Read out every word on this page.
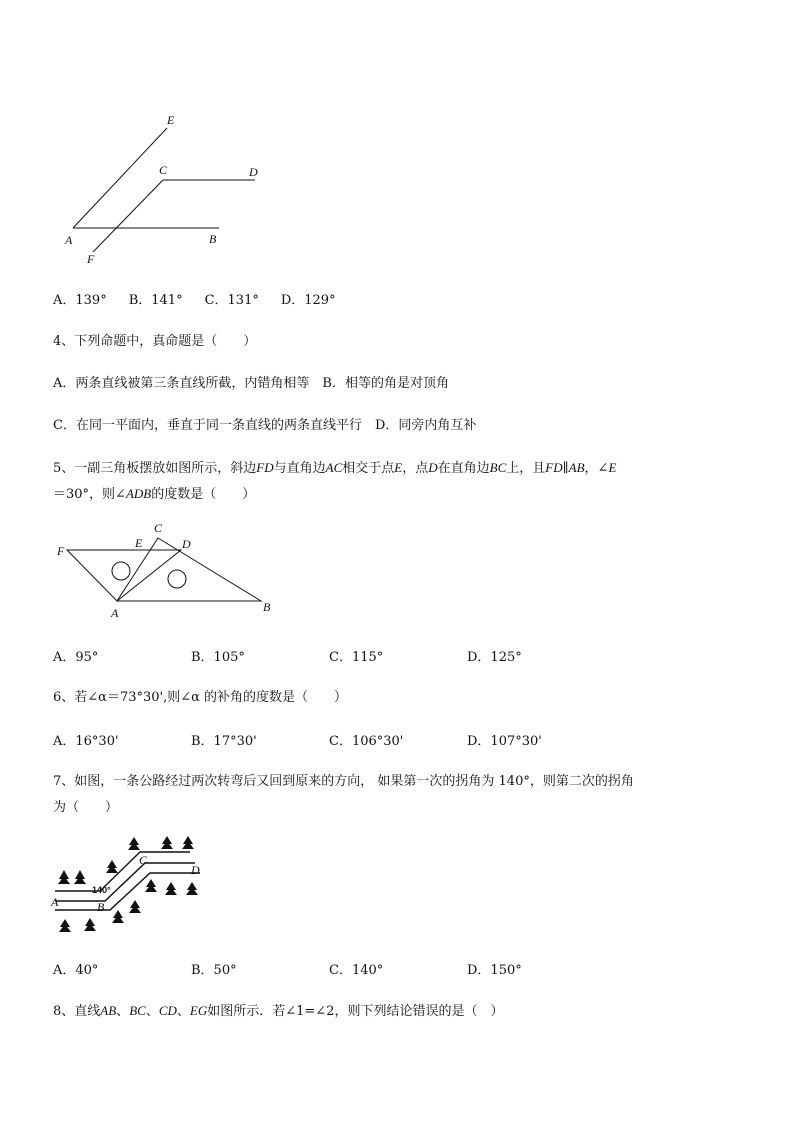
E
C	D
A	B
F
A．139° B．141° C．131° D．129°
4、下列命题中，真命题是（　　）
A．两条直线被第三条直线所截，内错角相等　B．相等的角是对顶角
C．在同一平面内，垂直于同一条直线的两条直线平行　D．同旁内角互补
5、一副三角板摆放如图所示，斜边FD与直角边AC相交于点E，点D在直角边BC上，且FD∥AB，∠E
＝30°，则∠ADB的度数是（　　）
F
E
C
D
A	B
A．95°	B．105°	C．115°	D．125°
6、若∠α＝73°30',则∠α 的补角的度数是（　　）
A．16°30'	B．17°30'	C．106°30'	D．107°30'
7、如图，一条公路经过两次转弯后又回到原来的方向， 如果第一次的拐角为 140°，则第二次的拐角
为（　　）
A	B
C
D
140°
A．40°	B．50°	C．140°	D．150°
8、直线AB、BC、CD、EG如图所示．若∠1=∠2，则下列结论错误的是（　）
